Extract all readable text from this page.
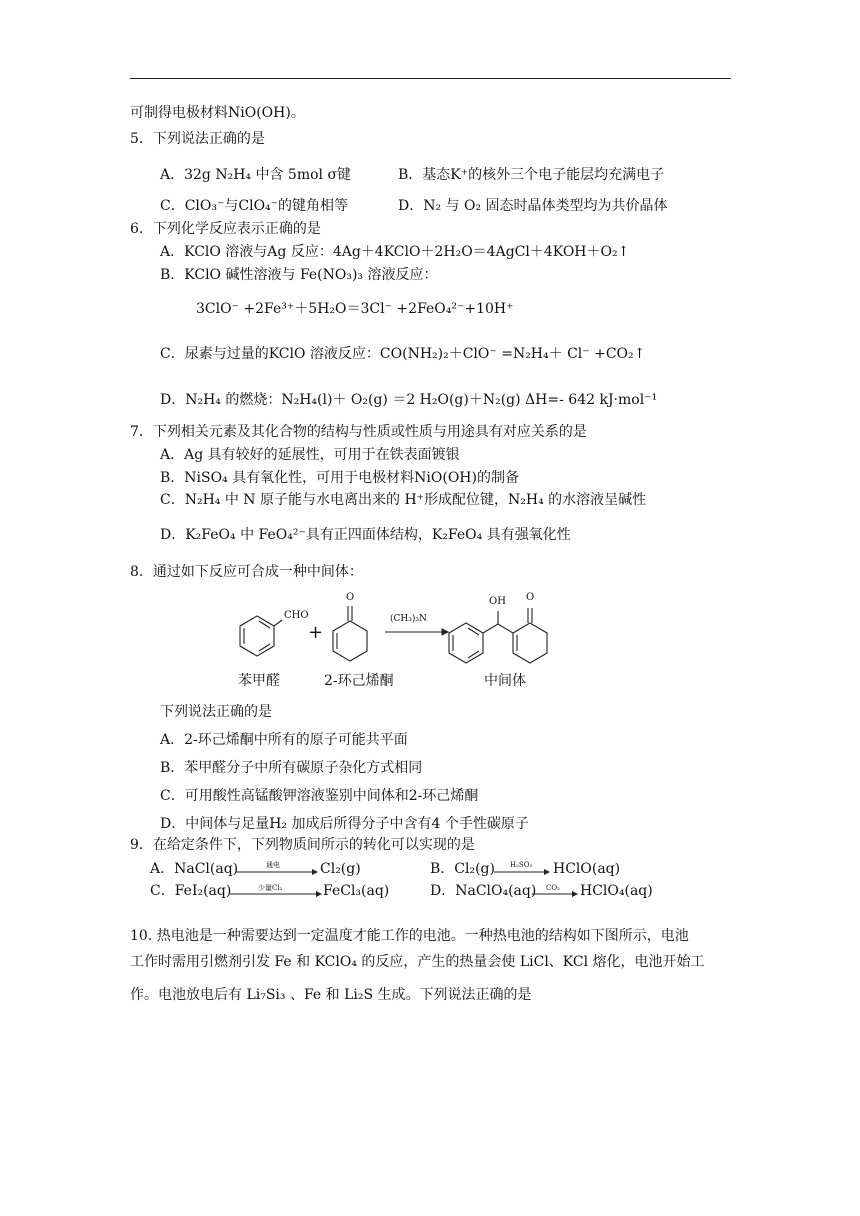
可制得电极材料NiO(OH)。
5．下列说法正确的是
A．32g N₂H₄ 中含 5mol σ键	B．基态K⁺的核外三个电子能层均充满电子
C．ClO₃⁻与ClO₄⁻的键角相等	D．N₂ 与 O₂ 固态时晶体类型均为共价晶体
6．下列化学反应表示正确的是
A．KClO 溶液与Ag 反应：4Ag＋4KClO＋2H₂O＝4AgCl＋4KOH＋O₂↑
B．KClO 碱性溶液与 Fe(NO₃)₃ 溶液反应：
3ClO⁻ +2Fe³⁺＋5H₂O＝3Cl⁻ +2FeO₄²⁻+10H⁺
C．尿素与过量的KClO 溶液反应：CO(NH₂)₂＋ClO⁻ =N₂H₄＋ Cl⁻ +CO₂↑
D．N₂H₄ 的燃烧：N₂H₄(l)＋ O₂(g) ＝2 H₂O(g)＋N₂(g) ΔH=- 642 kJ·mol⁻¹
7．下列相关元素及其化合物的结构与性质或性质与用途具有对应关系的是
A．Ag 具有较好的延展性，可用于在铁表面镀银
B．NiSO₄ 具有氧化性，可用于电极材料NiO(OH)的制备
C．N₂H₄ 中 N 原子能与水电离出来的 H⁺形成配位键，N₂H₄ 的水溶液呈碱性
D．K₂FeO₄ 中 FeO₄²⁻具有正四面体结构，K₂FeO₄ 具有强氧化性
8．通过如下反应可合成一种中间体：
CHO
+
O
(CH₃)₃N
OH O
苯甲醛	2-环己烯酮	中间体
下列说法正确的是
A．2-环己烯酮中所有的原子可能共平面
B．苯甲醛分子中所有碳原子杂化方式相同
C．可用酸性高锰酸钾溶液鉴别中间体和2-环己烯酮
D．中间体与足量H₂ 加成后所得分子中含有4 个手性碳原子
9．在给定条件下，下列物质间所示的转化可以实现的是
A．NaCl(aq)	通电	Cl₂(g)	B．Cl₂(g) H₂SO₃ HClO(aq)
C．FeI₂(aq)	少量Cl₂	FeCl₃(aq)	D．NaClO₄(aq) CO₂ HClO₄(aq)
10. 热电池是一种需要达到一定温度才能工作的电池。一种热电池的结构如下图所示，电池
工作时需用引燃剂引发 Fe 和 KClO₄ 的反应，产生的热量会使 LiCl、KCl 熔化，电池开始工
作。电池放电后有 Li₇Si₃ 、Fe 和 Li₂S 生成。下列说法正确的是
